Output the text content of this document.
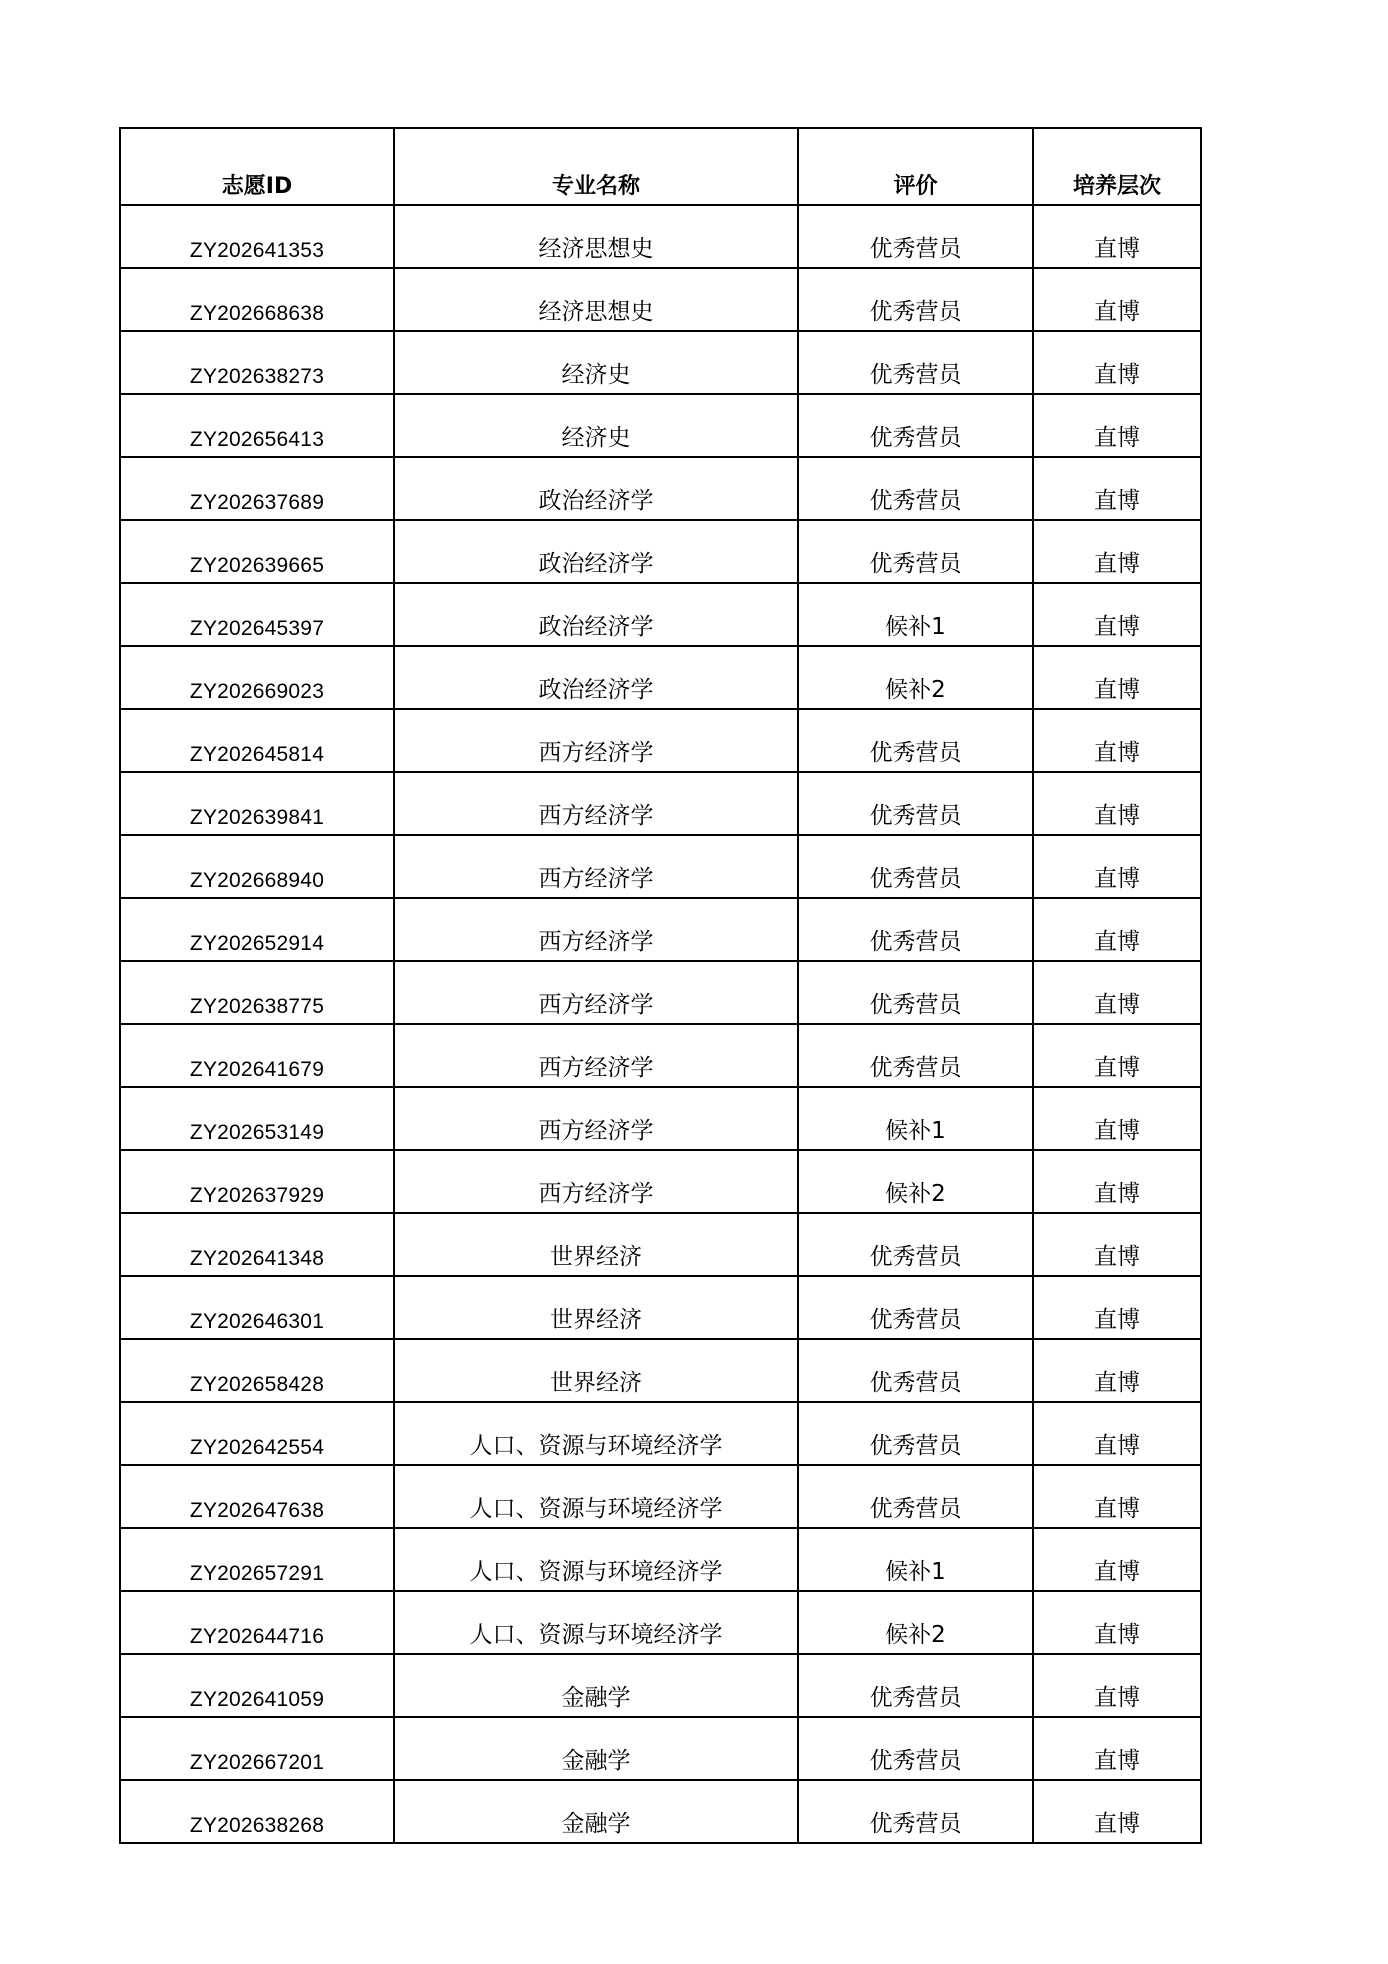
志愿ID	专业名称	评价	培养层次
ZY202641353	经济思想史	优秀营员	直博
ZY202668638	经济思想史	优秀营员	直博
ZY202638273	经济史	优秀营员	直博
ZY202656413	经济史	优秀营员	直博
ZY202637689	政治经济学	优秀营员	直博
ZY202639665	政治经济学	优秀营员	直博
ZY202645397	政治经济学	候补1	直博
ZY202669023	政治经济学	候补2	直博
ZY202645814	西方经济学	优秀营员	直博
ZY202639841	西方经济学	优秀营员	直博
ZY202668940	西方经济学	优秀营员	直博
ZY202652914	西方经济学	优秀营员	直博
ZY202638775	西方经济学	优秀营员	直博
ZY202641679	西方经济学	优秀营员	直博
ZY202653149	西方经济学	候补1	直博
ZY202637929	西方经济学	候补2	直博
ZY202641348	世界经济	优秀营员	直博
ZY202646301	世界经济	优秀营员	直博
ZY202658428	世界经济	优秀营员	直博
ZY202642554	人口、资源与环境经济学	优秀营员	直博
ZY202647638	人口、资源与环境经济学	优秀营员	直博
ZY202657291	人口、资源与环境经济学	候补1	直博
ZY202644716	人口、资源与环境经济学	候补2	直博
ZY202641059	金融学	优秀营员	直博
ZY202667201	金融学	优秀营员	直博
ZY202638268	金融学	优秀营员	直博
